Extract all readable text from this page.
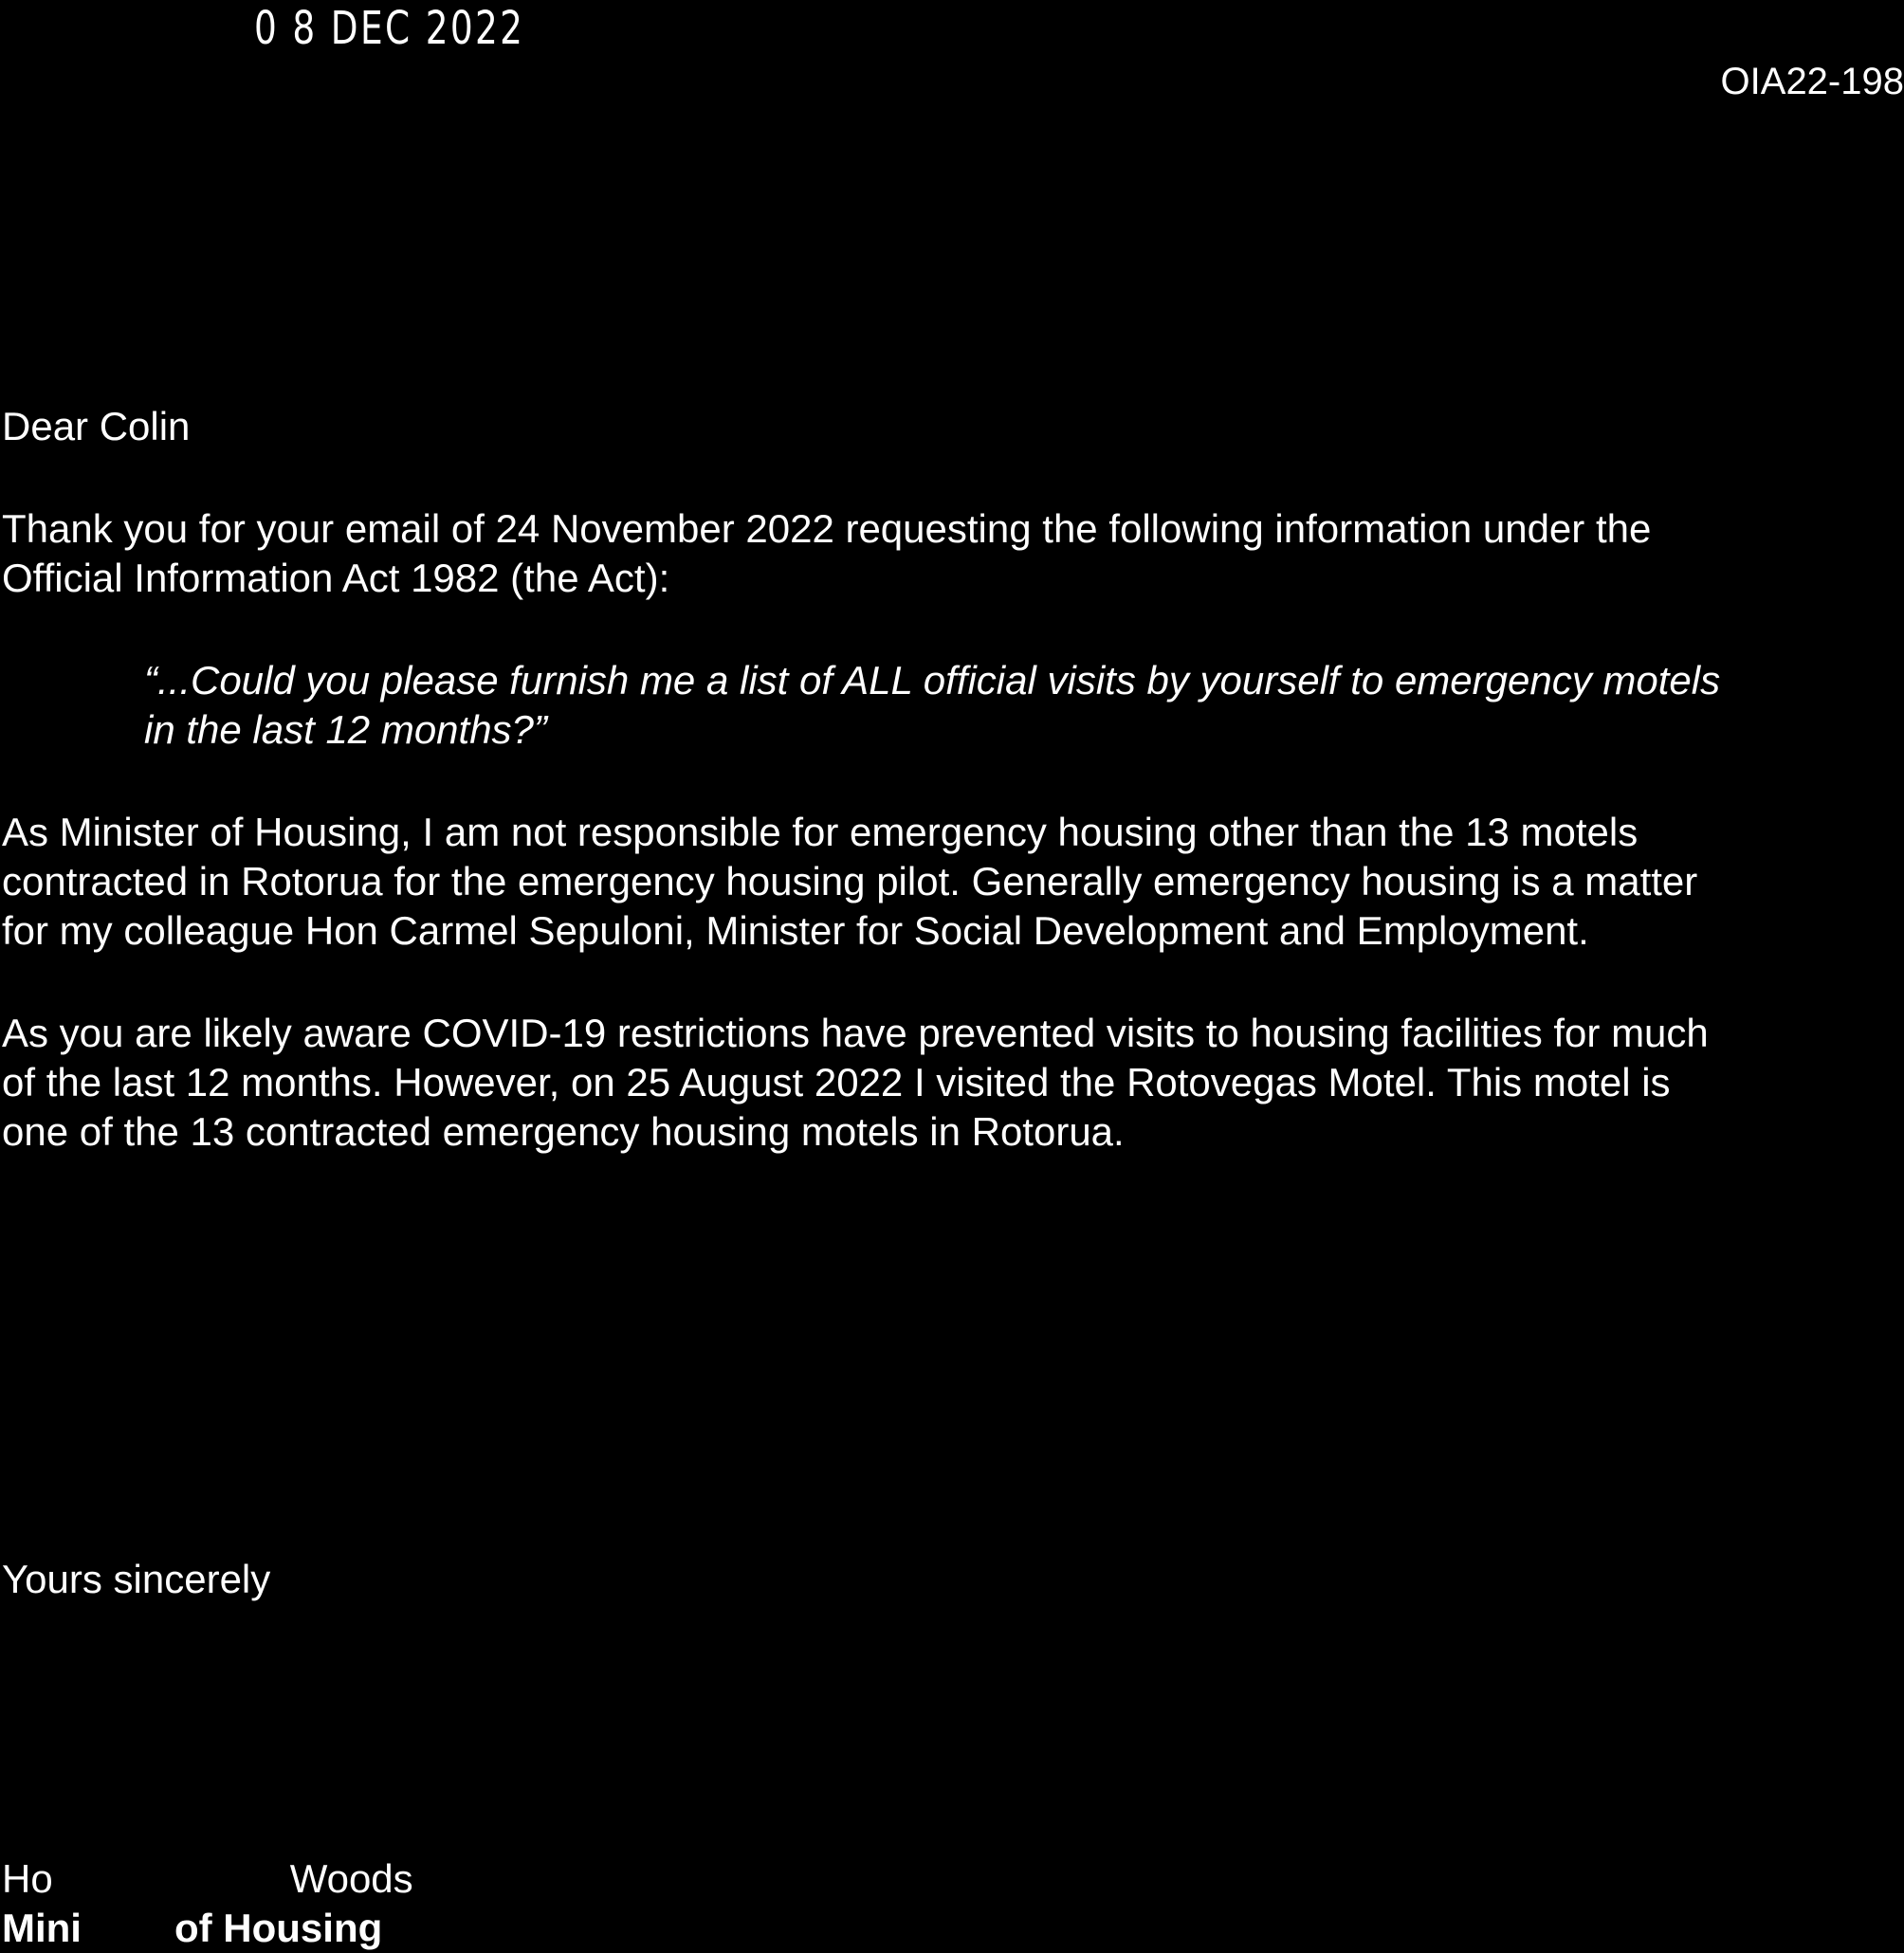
0 8 DEC 2022
OIA22-198
Dear Colin
Thank you for your email of 24 November 2022 requesting the following information under the
Official Information Act 1982 (the Act):
“...Could you please furnish me a list of ALL official visits by yourself to emergency motels
in the last 12 months?”
As Minister of Housing, I am not responsible for emergency housing other than the 13 motels
contracted in Rotorua for the emergency housing pilot. Generally emergency housing is a matter
for my colleague Hon Carmel Sepuloni, Minister for Social Development and Employment.
As you are likely aware COVID-19 restrictions have prevented visits to housing facilities for much
of the last 12 months. However, on 25 August 2022 I visited the Rotovegas Motel. This motel is
one of the 13 contracted emergency housing motels in Rotorua.
Yours sincerely
Ho	Woods
Mini of Housing
